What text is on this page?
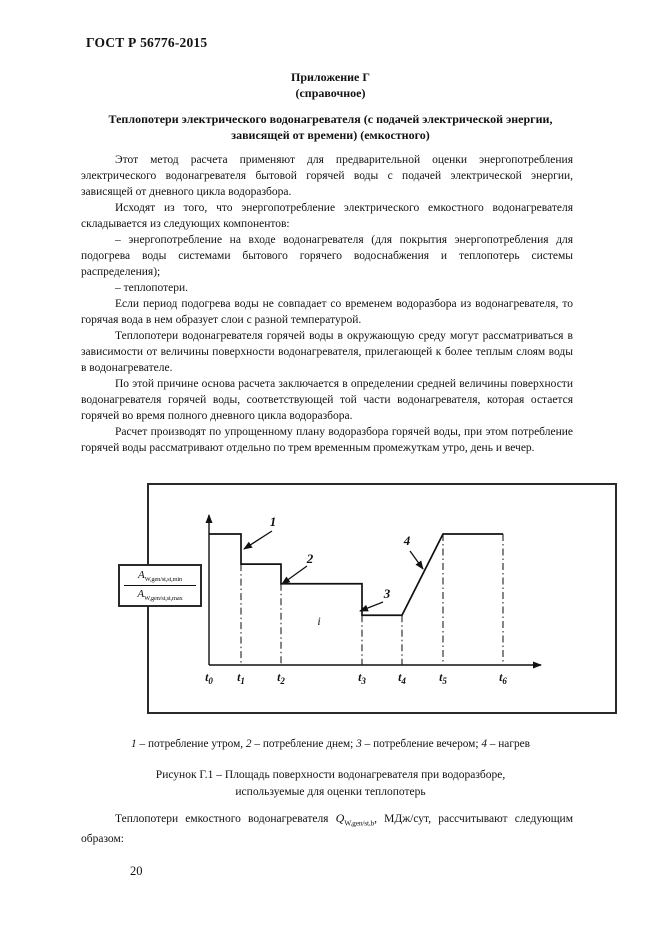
ГОСТ Р 56776-2015
Приложение Г
(справочное)
Теплопотери электрического водонагревателя (с подачей электрической энергии,
зависящей от времени) (емкостного)

Этот метод расчета применяют для предварительной оценки энергопотребления электрического водонагревателя бытовой горячей воды с подачей электрической энергии, зависящей от дневного цикла водоразбора.

Исходят из того, что энергопотребление электрического емкостного водонагревателя складывается из следующих компонентов:

– энергопотребление на входе водонагревателя (для покрытия энергопотребления для подогрева воды системами бытового горячего водоснабжения и теплопотерь системы распределения);

– теплопотери.

Если период подогрева воды не совпадает со временем водоразбора из водонагревателя, то горячая вода в нем образует слои с разной температурой.

Теплопотери водонагревателя горячей воды в окружающую среду могут рассматриваться в зависимости от величины поверхности водонагревателя, прилегающей к более теплым слоям воды в водонагревателе.

По этой причине основа расчета заключается в определении средней величины поверхности водонагревателя горячей воды, соответствующей той части водонагревателя, которая остается горячей во время полного дневного цикла водоразбора.

Расчет производят по упрощенному плану водоразбора горячей воды, при этом потребление горячей воды рассматривают отдельно по трем временным промежуткам утро, день и вечер.

$t_0$ $t_1$	$t_2$	$t_3$	$t_4$	$t_5$	$t_6$
i
1
2
3
4
$A_{W,gen/st,st,min}$
$A_{W,gen/st,st,max}$
1 – потребление утром, 2 – потребление днем; 3 – потребление вечером; 4 – нагрев
Рисунок Г.1 – Площадь поверхности водонагревателя при водоразборе,
используемые для оценки теплопотерь
Теплопотери емкостного водонагревателя $Q_{W,gen/st,b}$, МДж/сут, рассчитывают следующим образом:
20
